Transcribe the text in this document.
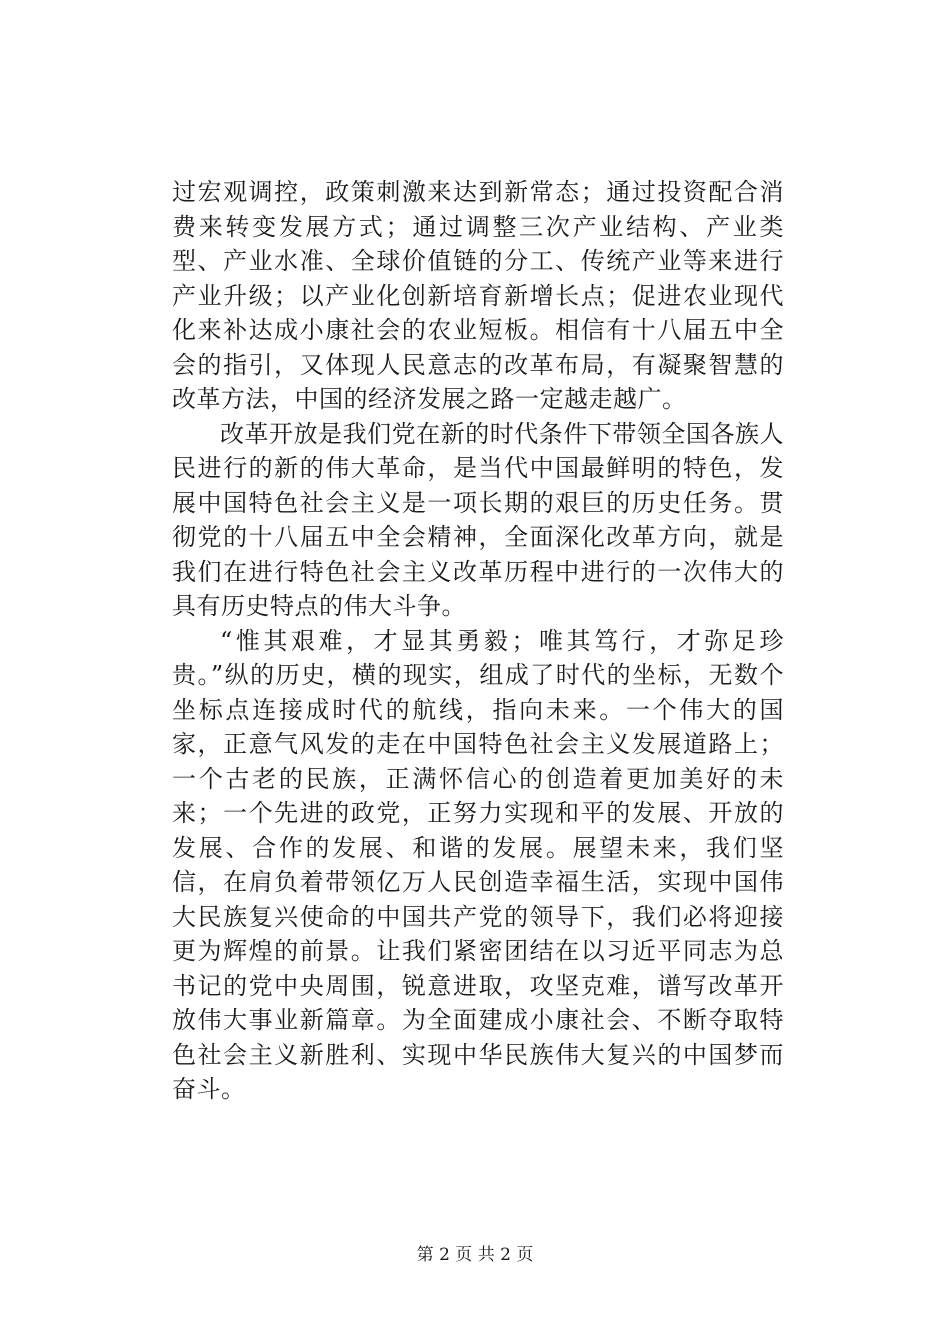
过宏观调控，政策刺激来达到新常态；通过投资配合消费来转变发展方式；通过调整三次产业结构、产业类型、产业水准、全球价值链的分工、传统产业等来进行产业升级；以产业化创新培育新增长点；促进农业现代化来补达成小康社会的农业短板。相信有十八届五中全会的指引，又体现人民意志的改革布局，有凝聚智慧的改革方法，中国的经济发展之路一定越走越广。

改革开放是我们党在新的时代条件下带领全国各族人民进行的新的伟大革命，是当代中国最鲜明的特色，发展中国特色社会主义是一项长期的艰巨的历史任务。贯彻党的十八届五中全会精神，全面深化改革方向，就是我们在进行特色社会主义改革历程中进行的一次伟大的具有历史特点的伟大斗争。

“惟其艰难，才显其勇毅；唯其笃行，才弥足珍贵。”纵的历史，横的现实，组成了时代的坐标，无数个坐标点连接成时代的航线，指向未来。一个伟大的国家，正意气风发的走在中国特色社会主义发展道路上；一个古老的民族，正满怀信心的创造着更加美好的未来；一个先进的政党，正努力实现和平的发展、开放的发展、合作的发展、和谐的发展。展望未来，我们坚信，在肩负着带领亿万人民创造幸福生活，实现中国伟大民族复兴使命的中国共产党的领导下，我们必将迎接更为辉煌的前景。让我们紧密团结在以习近平同志为总书记的党中央周围，锐意进取，攻坚克难，谱写改革开放伟大事业新篇章。为全面建成小康社会、不断夺取特色社会主义新胜利、实现中华民族伟大复兴的中国梦而奋斗。

第 2 页 共 2 页
